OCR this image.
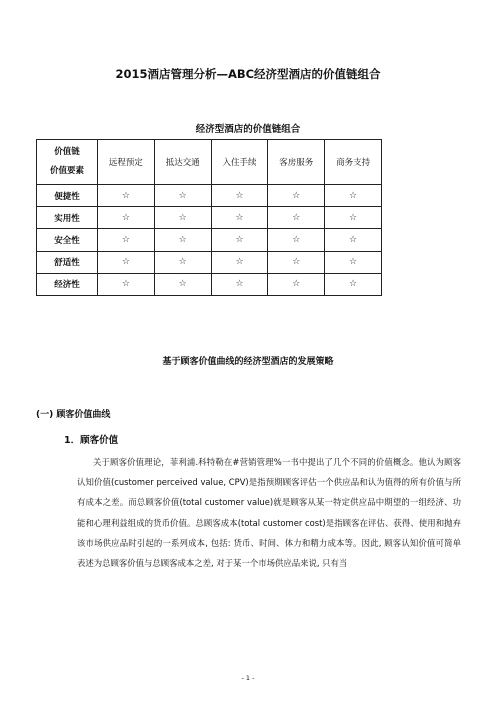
2015酒店管理分析—ABC经济型酒店的价值链组合
经济型酒店的价值链组合
价值链
价值要素	远程预定	抵达交通	入住手续	客房服务	商务支持
便捷性	☆	☆	☆	☆	☆
实用性	☆	☆	☆	☆	☆
安全性	☆	☆	☆	☆	☆
舒适性	☆	☆	☆	☆	☆
经济性	☆	☆	☆	☆	☆
基于顾客价值曲线的经济型酒店的发展策略
(一) 顾客价值曲线
1．顾客价值
关于顾客价值理论，菲利浦.科特勒在#营销管理%一书中提出了几个不同的价值概念。他认为顾客认知价值(customer perceived value, CPV)是指预期顾客评估一个供应品和认为值得的所有价值与所有成本之差。而总顾客价值(total customer value)就是顾客从某一特定供应品中期望的一组经济、功能和心理利益组成的货币价值。总顾客成本(total customer cost)是指顾客在评估、获得、使用和抛弃该市场供应品时引起的一系列成本, 包括: 货币、时间、体力和精力成本等。因此, 顾客认知价值可简单表述为总顾客价值与总顾客成本之差, 对于某一个市场供应品来说, 只有当
- 1 -
